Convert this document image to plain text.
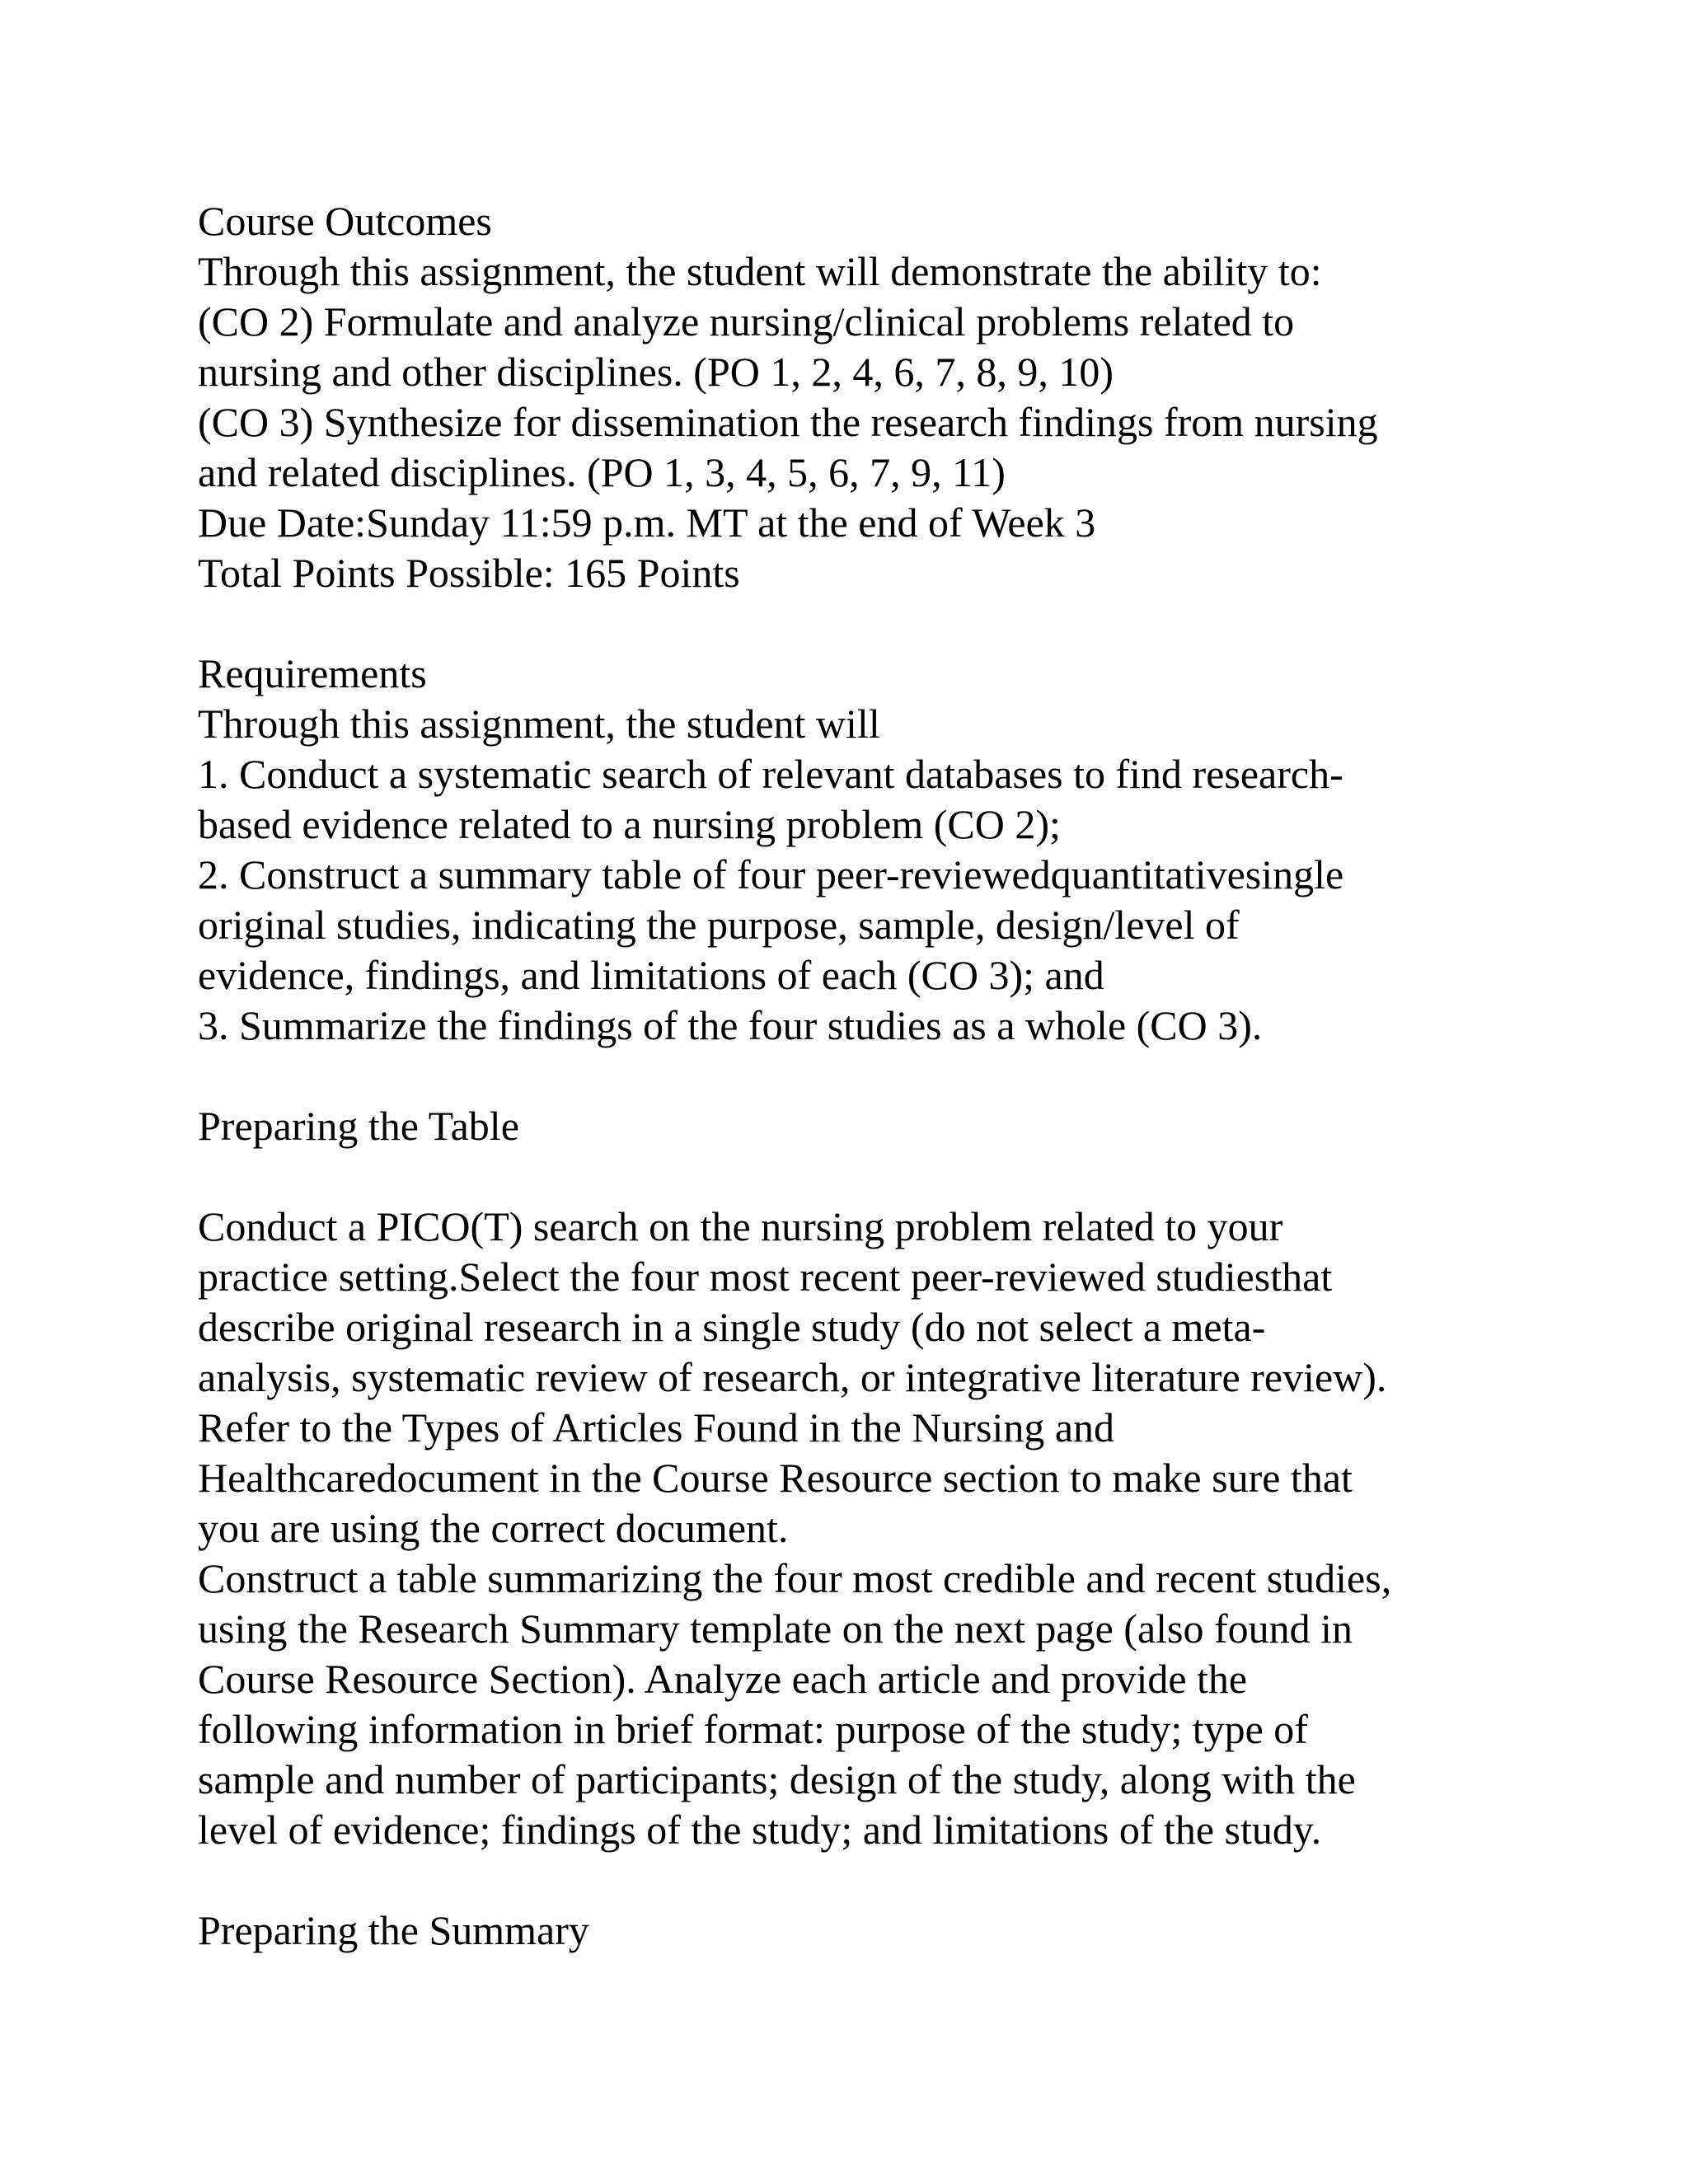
Course Outcomes
Through this assignment, the student will demonstrate the ability to:
(CO 2) Formulate and analyze nursing/clinical problems related to
nursing and other disciplines. (PO 1, 2, 4, 6, 7, 8, 9, 10)
(CO 3) Synthesize for dissemination the research findings from nursing
and related disciplines. (PO 1, 3, 4, 5, 6, 7, 9, 11)
Due Date:Sunday 11:59 p.m. MT at the end of Week 3
Total Points Possible: 165 Points
Requirements
Through this assignment, the student will
1. Conduct a systematic search of relevant databases to find research-
based evidence related to a nursing problem (CO 2);
2. Construct a summary table of four peer-reviewedquantitativesingle
original studies, indicating the purpose, sample, design/level of
evidence, findings, and limitations of each (CO 3); and
3. Summarize the findings of the four studies as a whole (CO 3).
Preparing the Table
Conduct a PICO(T) search on the nursing problem related to your
practice setting.Select the four most recent peer-reviewed studiesthat
describe original research in a single study (do not select a meta-
analysis, systematic review of research, or integrative literature review).
Refer to the Types of Articles Found in the Nursing and
Healthcaredocument in the Course Resource section to make sure that
you are using the correct document.
Construct a table summarizing the four most credible and recent studies,
using the Research Summary template on the next page (also found in
Course Resource Section). Analyze each article and provide the
following information in brief format: purpose of the study; type of
sample and number of participants; design of the study, along with the
level of evidence; findings of the study; and limitations of the study.
Preparing the Summary
